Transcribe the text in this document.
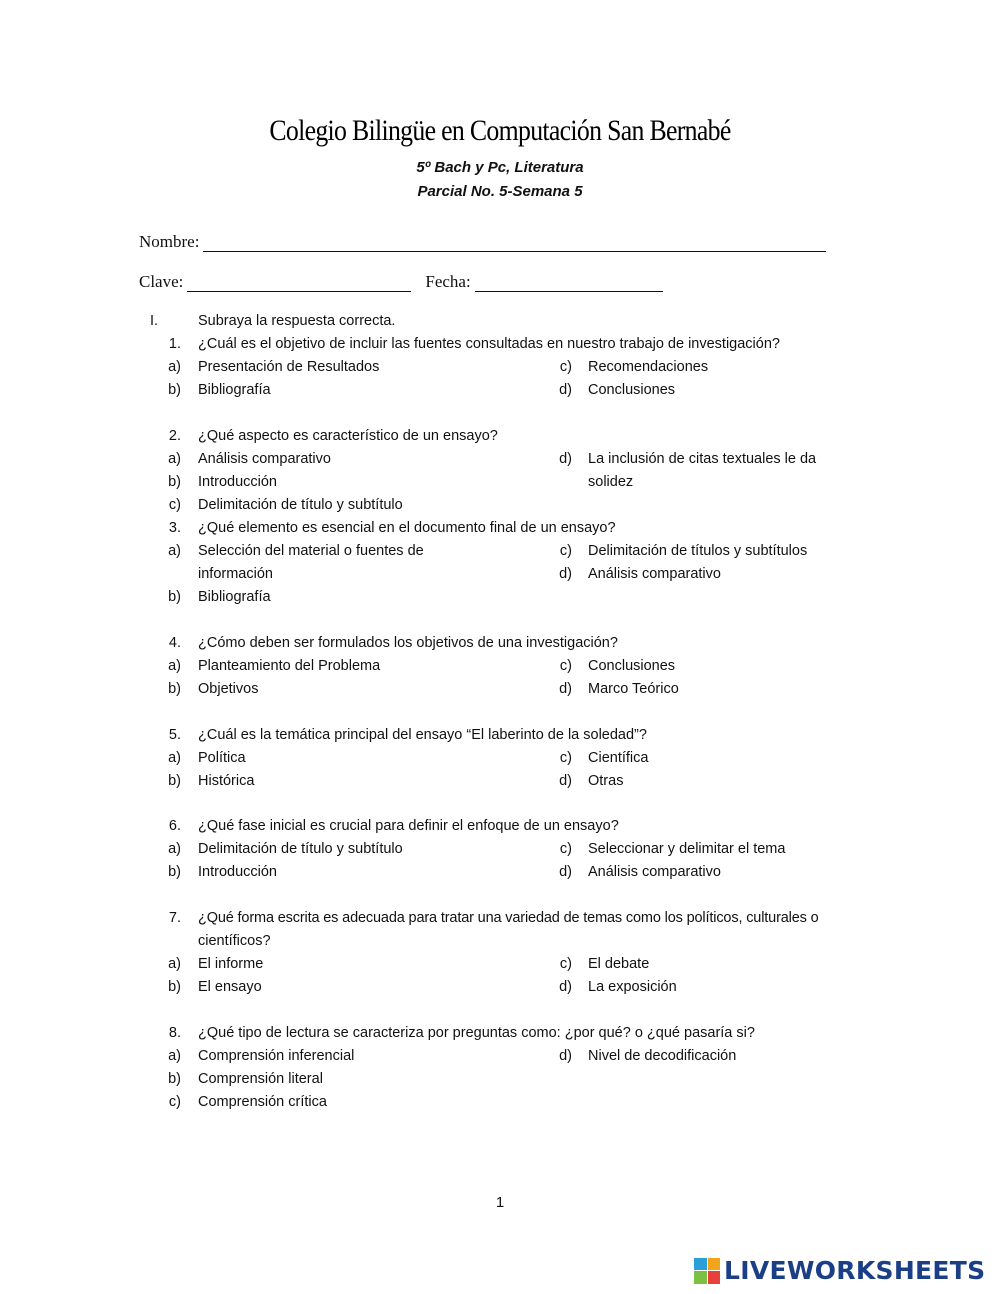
Colegio Bilingüe en Computación San Bernabé
5º Bach y Pc, Literatura
Parcial No. 5-Semana 5
Nombre:
Clave:	Fecha:
I.	Subraya la respuesta correcta.
1. ¿Cuál es el objetivo de incluir las fuentes consultadas en nuestro trabajo de investigación?
a) Presentación de Resultados
b) Bibliografía
c) Recomendaciones
d) Conclusiones
2. ¿Qué aspecto es característico de un ensayo?
a) Análisis comparativo
b) Introducción
c) Delimitación de título y subtítulo
d) La inclusión de citas textuales le da
solidez
3. ¿Qué elemento es esencial en el documento final de un ensayo?
a) Selección del material o fuentes de
información
b) Bibliografía
c) Delimitación de títulos y subtítulos
d) Análisis comparativo
4. ¿Cómo deben ser formulados los objetivos de una investigación?
a) Planteamiento del Problema
b) Objetivos
c) Conclusiones
d) Marco Teórico
5. ¿Cuál es la temática principal del ensayo “El laberinto de la soledad”?
a) Política
b) Histórica
c) Científica
d) Otras
6. ¿Qué fase inicial es crucial para definir el enfoque de un ensayo?
a) Delimitación de título y subtítulo
b) Introducción
c) Seleccionar y delimitar el tema
d) Análisis comparativo
7. ¿Qué forma escrita es adecuada para tratar una variedad de temas como los políticos, culturales o
científicos?
a) El informe
b) El ensayo
c) El debate
d) La exposición
8. ¿Qué tipo de lectura se caracteriza por preguntas como: ¿por qué? o ¿qué pasaría si?
a) Comprensión inferencial
b) Comprensión literal
c) Comprensión crítica
d) Nivel de decodificación
1
LIVEWORKSHEETS
